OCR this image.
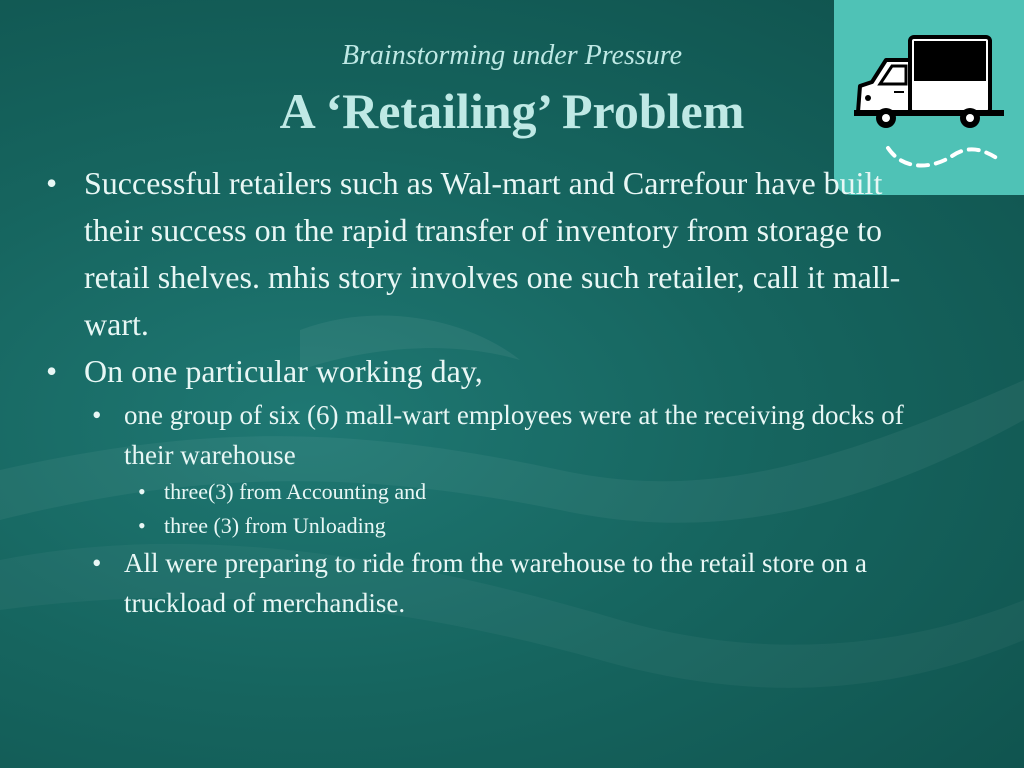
Brainstorming under Pressure
A ‘Retailing’ Problem
• Successful retailers such as Wal-mart and Carrefour have built their success on the rapid transfer of inventory from storage to retail shelves. mhis story involves one such retailer, call it mall-wart.
• On one particular working day,
• one group of six (6) mall-wart employees were at the receiving docks of their warehouse
• three(3) from Accounting and
• three (3) from Unloading
• All were preparing to ride from the warehouse to the retail store on a truckload of merchandise.
